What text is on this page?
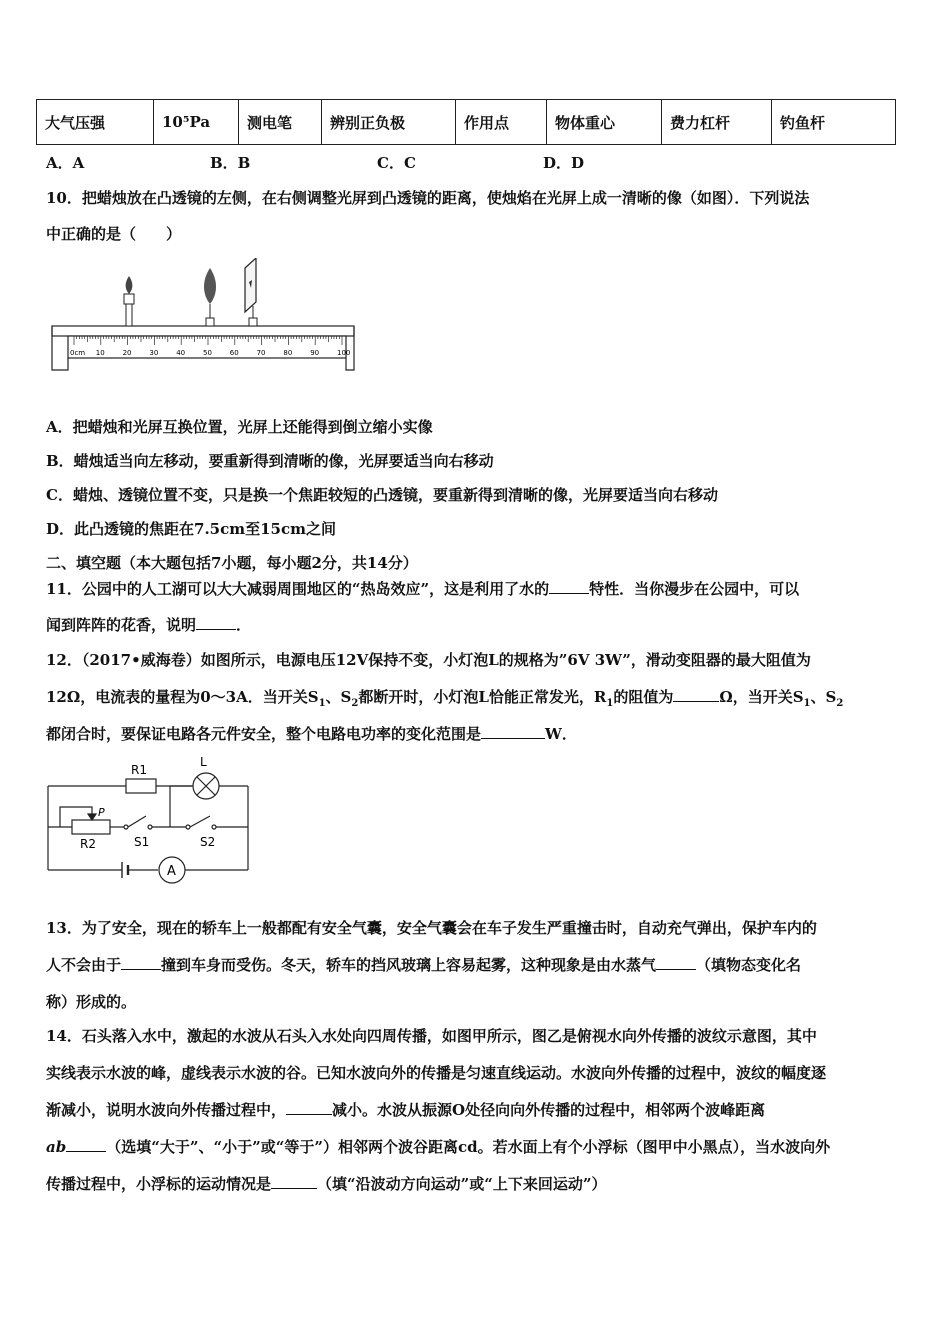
大气压强	10⁵Pa	测电笔	辨别正负极	作用点	物体重心	费力杠杆	钓鱼杆
A．A	B．B	C．C	D．D
10．把蜡烛放在凸透镜的左侧，在右侧调整光屏到凸透镜的距离，使烛焰在光屏上成一清晰的像（如图）．下列说法
中正确的是（　　）
0cm 10	20	30	40	50	60	70	80	90	100
A．把蜡烛和光屏互换位置，光屏上还能得到倒立缩小实像
B．蜡烛适当向左移动，要重新得到清晰的像，光屏要适当向右移动
C．蜡烛、透镜位置不变，只是换一个焦距较短的凸透镜，要重新得到清晰的像，光屏要适当向右移动
D．此凸透镜的焦距在7.5cm至15cm之间
二、填空题（本大题包括7小题，每小题2分，共14分）
11．公园中的人工湖可以大大减弱周围地区的“热岛效应”，这是利用了水的	特性．当你漫步在公园中，可以
闻到阵阵的花香，说明	．
12．（2017•威海卷）如图所示，电源电压12V保持不变，小灯泡L的规格为”6V 3W”，滑动变阻器的最大阻值为
12Ω，电流表的量程为0～3A．当开关$S_1$、$S_2$都断开时，小灯泡L恰能正常发光，$R_1$的阻值为	Ω，当开关$S_1$、$S_2$
都闭合时，要保证电路各元件安全，整个电路电功率的变化范围是	W．
R1
L
P
R2	S1	S2
A
13．为了安全，现在的轿车上一般都配有安全气囊，安全气囊会在车子发生严重撞击时，自动充气弹出，保护车内的
人不会由于	撞到车身而受伤。冬天，轿车的挡风玻璃上容易起雾，这种现象是由水蒸气	（填物态变化名
称）形成的。
14．石头落入水中，激起的水波从石头入水处向四周传播，如图甲所示，图乙是俯视水向外传播的波纹示意图，其中
实线表示水波的峰，虚线表示水波的谷。已知水波向外的传播是匀速直线运动。水波向外传播的过程中，波纹的幅度逐
渐减小，说明水波向外传播过程中，	减小。水波从振源O处径向向外传播的过程中，相邻两个波峰距离
ab	（选填“大于”、“小于”或“等于”）相邻两个波谷距离cd。若水面上有个小浮标（图甲中小黑点），当水波向外
传播过程中，小浮标的运动情况是	（填“沿波动方向运动”或“上下来回运动”）
